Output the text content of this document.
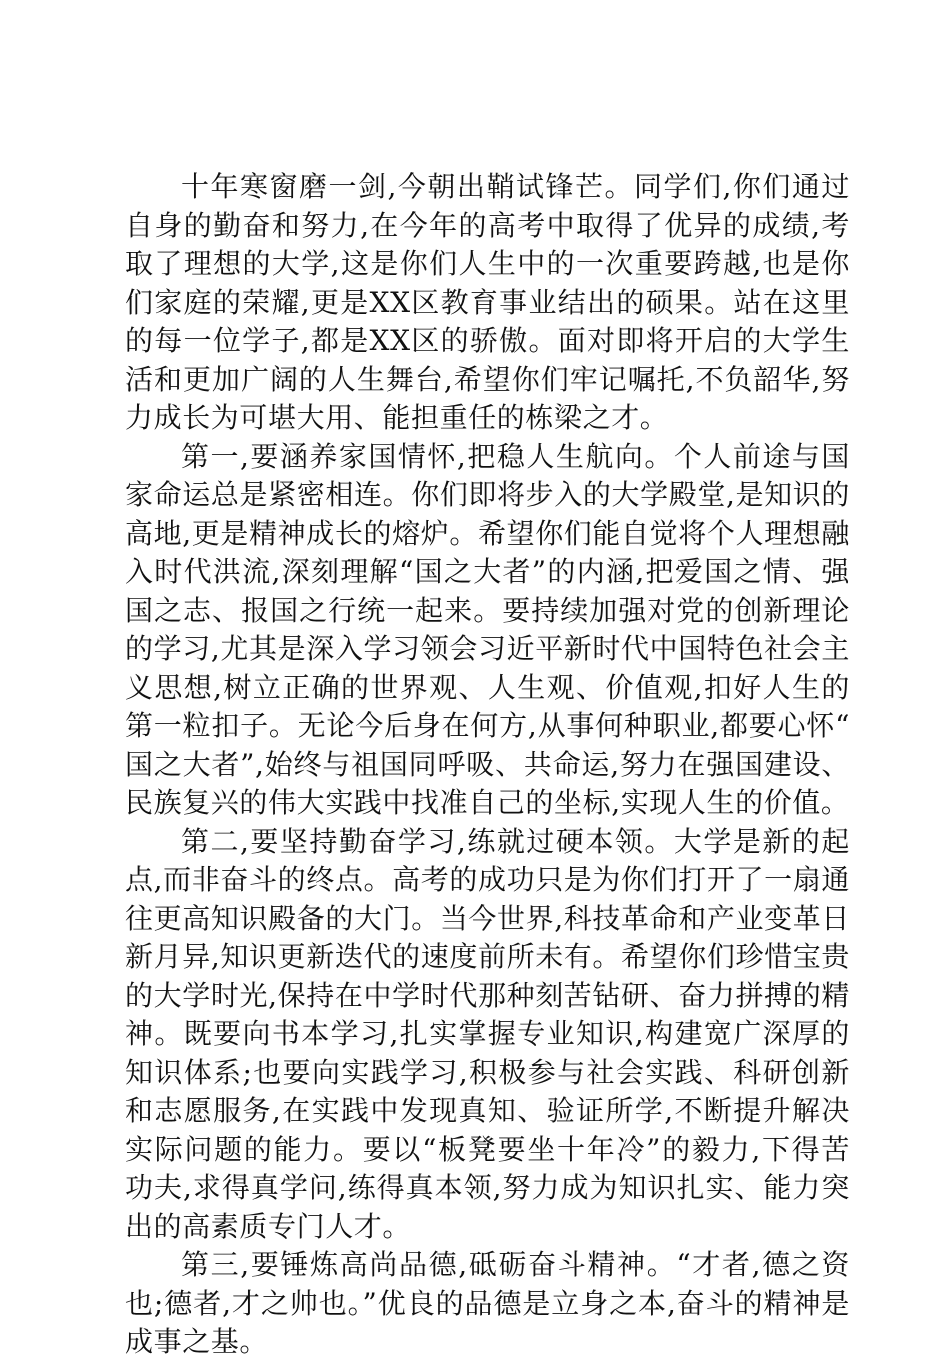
十年寒窗磨一剑,今朝出鞘试锋芒。同学们,你们通过自身的勤奋和努力,在今年的高考中取得了优异的成绩,考取了理想的大学,这是你们人生中的一次重要跨越,也是你们家庭的荣耀,更是XX区教育事业结出的硕果。站在这里的每一位学子,都是XX区的骄傲。面对即将开启的大学生活和更加广阔的人生舞台,希望你们牢记嘱托,不负韶华,努力成长为可堪大用、能担重任的栋梁之才。

第一,要涵养家国情怀,把稳人生航向。个人前途与国家命运总是紧密相连。你们即将步入的大学殿堂,是知识的高地,更是精神成长的熔炉。希望你们能自觉将个人理想融入时代洪流,深刻理解“国之大者”的内涵,把爱国之情、强国之志、报国之行统一起来。要持续加强对党的创新理论的学习,尤其是深入学习领会习近平新时代中国特色社会主义思想,树立正确的世界观、人生观、价值观,扣好人生的第一粒扣子。无论今后身在何方,从事何种职业,都要心怀“国之大者”,始终与祖国同呼吸、共命运,努力在强国建设、民族复兴的伟大实践中找准自己的坐标,实现人生的价值。

第二,要坚持勤奋学习,练就过硬本领。大学是新的起点,而非奋斗的终点。高考的成功只是为你们打开了一扇通往更高知识殿备的大门。当今世界,科技革命和产业变革日新月异,知识更新迭代的速度前所未有。希望你们珍惜宝贵的大学时光,保持在中学时代那种刻苦钻研、奋力拼搏的精神。既要向书本学习,扎实掌握专业知识,构建宽广深厚的知识体系;也要向实践学习,积极参与社会实践、科研创新和志愿服务,在实践中发现真知、验证所学,不断提升解决实际问题的能力。要以“板凳要坐十年冷”的毅力,下得苦功夫,求得真学问,练得真本领,努力成为知识扎实、能力突出的高素质专门人才。

第三,要锤炼高尚品德,砥砺奋斗精神。“才者,德之资也;德者,才之帅也。”优良的品德是立身之本,奋斗的精神是成事之基。
